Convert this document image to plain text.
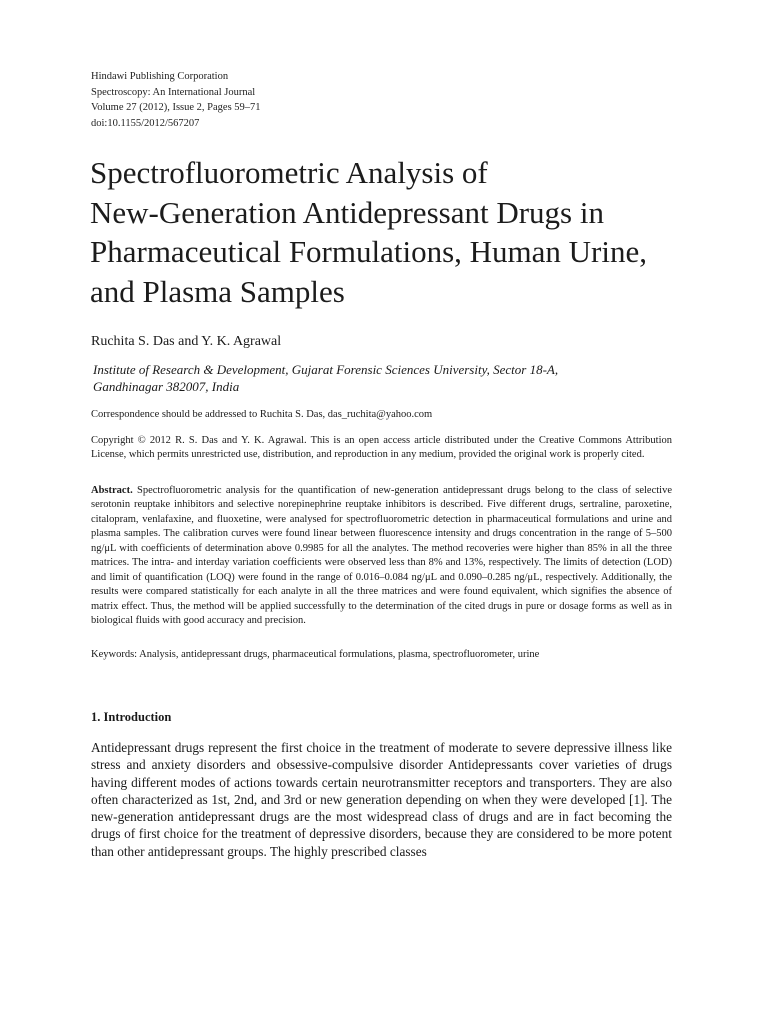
Hindawi Publishing Corporation
Spectroscopy: An International Journal
Volume 27 (2012), Issue 2, Pages 59–71
doi:10.1155/2012/567207
Spectrofluorometric Analysis of
New-Generation Antidepressant Drugs in
Pharmaceutical Formulations, Human Urine,
and Plasma Samples
Ruchita S. Das and Y. K. Agrawal
Institute of Research & Development, Gujarat Forensic Sciences University, Sector 18-A,
Gandhinagar 382007, India
Correspondence should be addressed to Ruchita S. Das, das_ruchita@yahoo.com
Copyright © 2012 R. S. Das and Y. K. Agrawal. This is an open access article distributed under the Creative Commons Attribution License, which permits unrestricted use, distribution, and reproduction in any medium, provided the original work is properly cited.
Abstract. Spectrofluorometric analysis for the quantification of new-generation antidepressant drugs belong to the class of selective serotonin reuptake inhibitors and selective norepinephrine reuptake inhibitors is described. Five different drugs, sertraline, paroxetine, citalopram, venlafaxine, and fluoxetine, were analysed for spectrofluorometric detection in pharmaceutical formulations and urine and plasma samples. The calibration curves were found linear between fluorescence intensity and drugs concentration in the range of 5–500 ng/μL with coefficients of determination above 0.9985 for all the analytes. The method recoveries were higher than 85% in all the three matrices. The intra- and interday variation coefficients were observed less than 8% and 13%, respectively. The limits of detection (LOD) and limit of quantification (LOQ) were found in the range of 0.016–0.084 ng/μL and 0.090–0.285 ng/μL, respectively. Additionally, the results were compared statistically for each analyte in all the three matrices and were found equivalent, which signifies the absence of matrix effect. Thus, the method will be applied successfully to the determination of the cited drugs in pure or dosage forms as well as in biological fluids with good accuracy and precision.
Keywords: Analysis, antidepressant drugs, pharmaceutical formulations, plasma, spectrofluorometer, urine
1. Introduction
Antidepressant drugs represent the first choice in the treatment of moderate to severe depressive illness like stress and anxiety disorders and obsessive-compulsive disorder Antidepressants cover varieties of drugs having different modes of actions towards certain neurotransmitter receptors and transporters. They are also often characterized as 1st, 2nd, and 3rd or new generation depending on when they were developed [1]. The new-generation antidepressant drugs are the most widespread class of drugs and are in fact becoming the drugs of first choice for the treatment of depressive disorders, because they are considered to be more potent than other antidepressant groups. The highly prescribed classes
